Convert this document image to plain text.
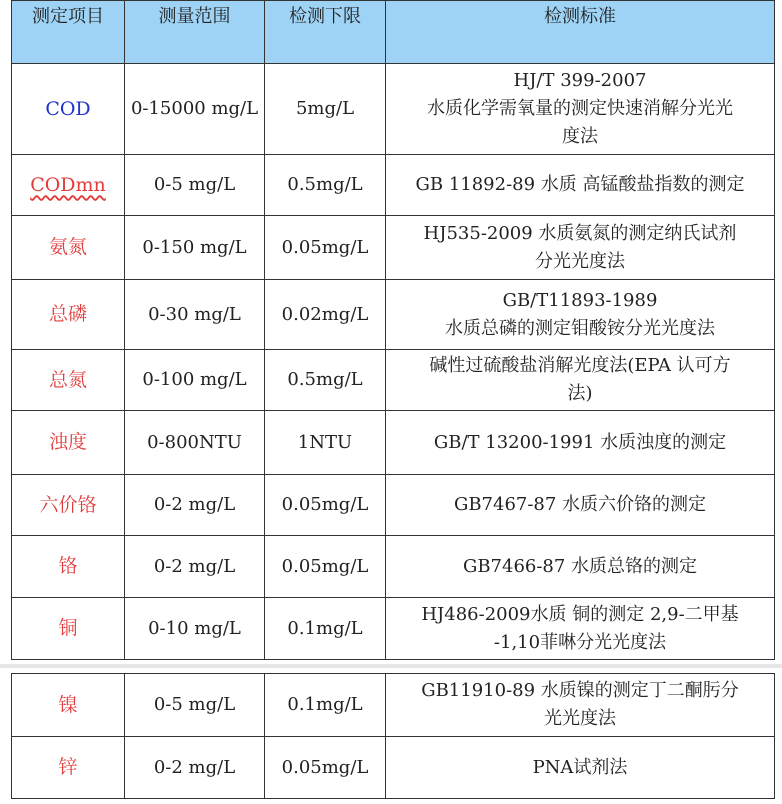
测定项目	测量范围	检测下限	检测标准
COD	0-15000 mg/L	5mg/L	HJ/T 399-2007
水质化学需氧量的测定快速消解分光光
度法

CODmn	0-5 mg/L	0.5mg/L	GB 11892-89 水质 高锰酸盐指数的测定

氨氮	0-150 mg/L	0.05mg/L	HJ535-2009 水质氨氮的测定纳氏试剂
分光光度法

总磷	0-30 mg/L	0.02mg/L	GB/T11893-1989
水质总磷的测定钼酸铵分光光度法

总氮	0-100 mg/L	0.5mg/L	碱性过硫酸盐消解光度法(EPA 认可方
法)

浊度	0-800NTU	1NTU	GB/T 13200-1991 水质浊度的测定

六价铬	0-2 mg/L	0.05mg/L	GB7467-87 水质六价铬的测定

铬	0-2 mg/L	0.05mg/L	GB7466-87 水质总铬的测定

铜	0-10 mg/L	0.1mg/L	HJ486-2009水质 铜的测定 2,9-二甲基
-1,10菲啉分光光度法
镍	0-5 mg/L	0.1mg/L	GB11910-89 水质镍的测定丁二酮肟分
光光度法

锌	0-2 mg/L	0.05mg/L	PNA试剂法
